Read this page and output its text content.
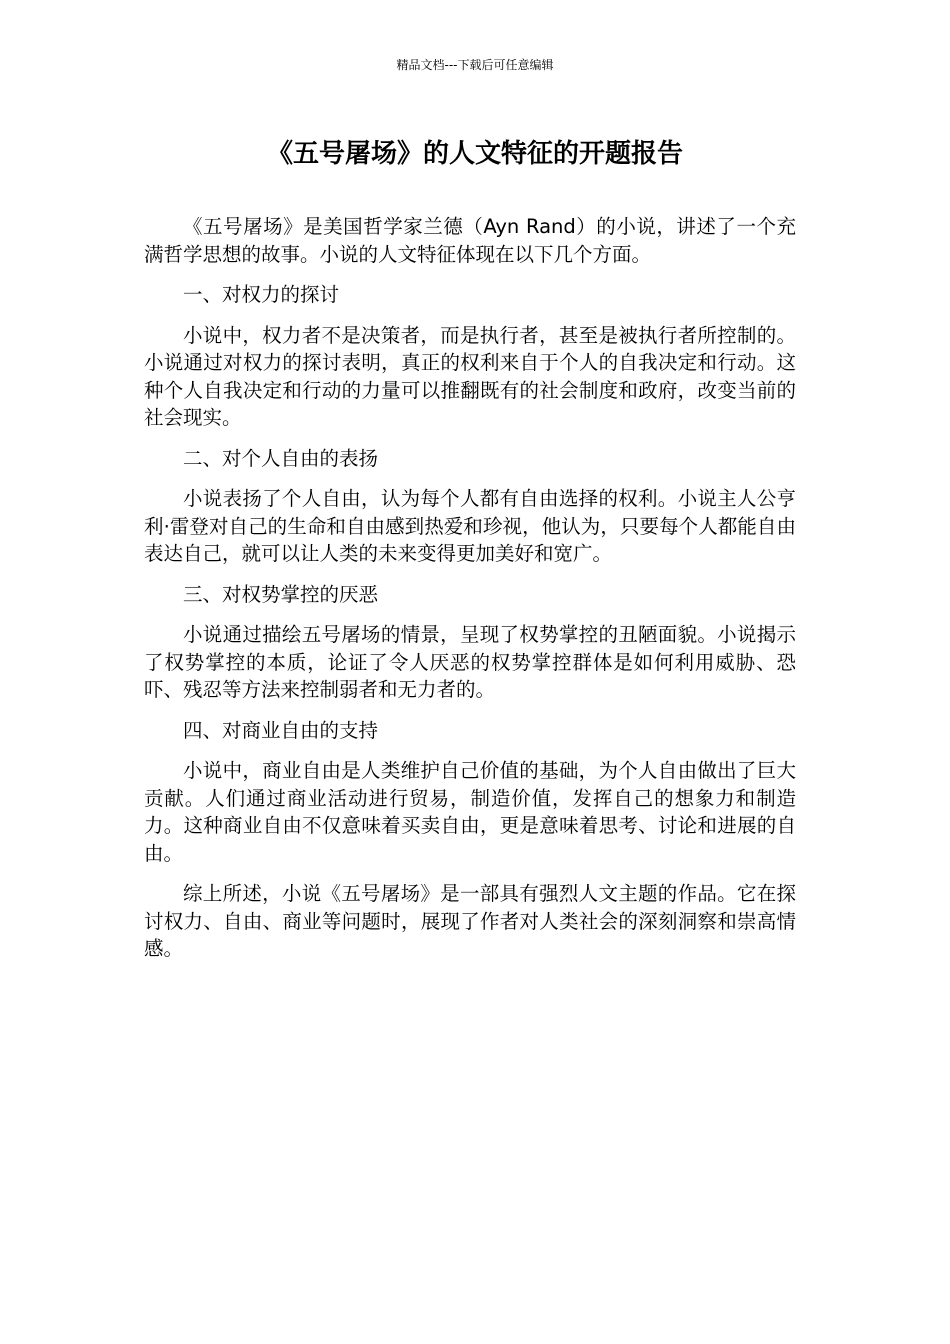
精品文档---下载后可任意编辑
《五号屠场》的人文特征的开题报告

《五号屠场》是美国哲学家兰德（Ayn Rand）的小说，讲述了一个充满哲学思想的故事。小说的人文特征体现在以下几个方面。

一、对权力的探讨

小说中，权力者不是决策者，而是执行者，甚至是被执行者所控制的。小说通过对权力的探讨表明，真正的权利来自于个人的自我决定和行动。这种个人自我决定和行动的力量可以推翻既有的社会制度和政府，改变当前的社会现实。

二、对个人自由的表扬

小说表扬了个人自由，认为每个人都有自由选择的权利。小说主人公亨利·雷登对自己的生命和自由感到热爱和珍视，他认为，只要每个人都能自由表达自己，就可以让人类的未来变得更加美好和宽广。

三、对权势掌控的厌恶

小说通过描绘五号屠场的情景，呈现了权势掌控的丑陋面貌。小说揭示了权势掌控的本质，论证了令人厌恶的权势掌控群体是如何利用威胁、恐吓、残忍等方法来控制弱者和无力者的。

四、对商业自由的支持

小说中，商业自由是人类维护自己价值的基础，为个人自由做出了巨大贡献。人们通过商业活动进行贸易，制造价值，发挥自己的想象力和制造力。这种商业自由不仅意味着买卖自由，更是意味着思考、讨论和进展的自由。

综上所述，小说《五号屠场》是一部具有强烈人文主题的作品。它在探讨权力、自由、商业等问题时，展现了作者对人类社会的深刻洞察和崇高情感。
